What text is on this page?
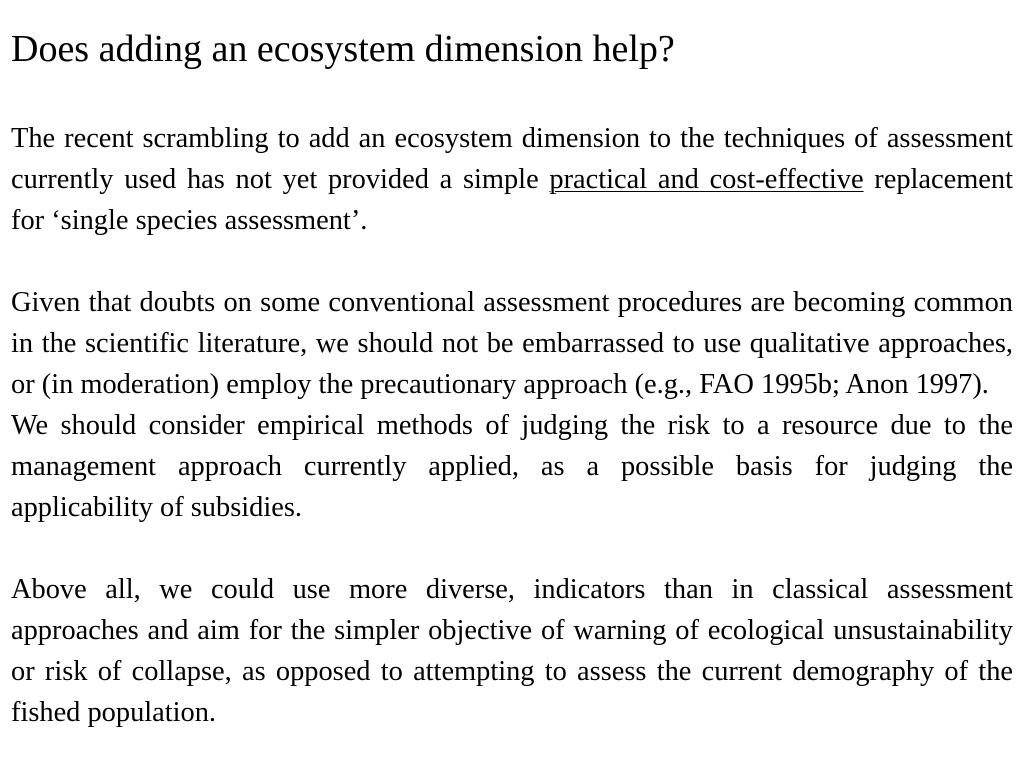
Does adding an ecosystem dimension help?

The recent scrambling to add an ecosystem dimension to the techniques of assessment currently used has not yet provided a simple practical and cost-effective replacement for ‘single species assessment’.

Given that doubts on some conventional assessment procedures are becoming common in the scientific literature, we should not be embarrassed to use qualitative approaches, or (in moderation) employ the precautionary approach (e.g., FAO 1995b; Anon 1997).

We should consider empirical methods of judging the risk to a resource due to the management approach currently applied, as a possible basis for judging the applicability of subsidies.

Above all, we could use more diverse, indicators than in classical assessment approaches and aim for the simpler objective of warning of ecological unsustainability or risk of collapse, as opposed to attempting to assess the current demography of the fished population.
